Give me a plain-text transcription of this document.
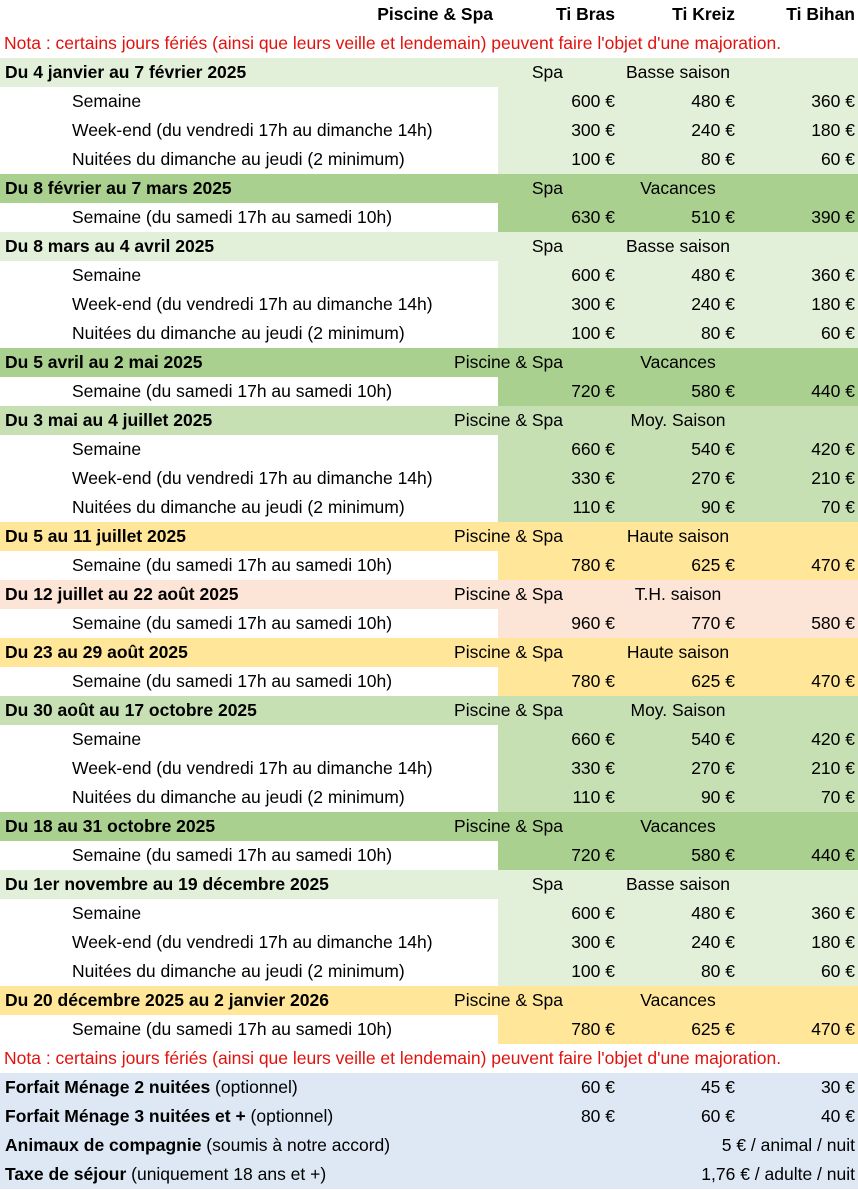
Piscine & Spa	Ti Bras	Ti Kreiz	Ti Bihan
Nota : certains jours fériés (ainsi que leurs veille et lendemain) peuvent faire l'objet d'une majoration.
Du 4 janvier au 7 février 2025	Spa	Basse saison
Semaine	600 €	480 €	360 €
Week-end (du vendredi 17h au dimanche 14h)	300 €	240 €	180 €
Nuitées du dimanche au jeudi (2 minimum)	100 €	80 €	60 €
Du 8 février au 7 mars 2025	Spa	Vacances
Semaine (du samedi 17h au samedi 10h)	630 €	510 €	390 €
Du 8 mars au 4 avril 2025	Spa	Basse saison
Semaine	600 €	480 €	360 €
Week-end (du vendredi 17h au dimanche 14h)	300 €	240 €	180 €
Nuitées du dimanche au jeudi (2 minimum)	100 €	80 €	60 €
Du 5 avril au 2 mai 2025	Piscine & Spa	Vacances
Semaine (du samedi 17h au samedi 10h)	720 €	580 €	440 €
Du 3 mai au 4 juillet 2025	Piscine & Spa	Moy. Saison
Semaine	660 €	540 €	420 €
Week-end (du vendredi 17h au dimanche 14h)	330 €	270 €	210 €
Nuitées du dimanche au jeudi (2 minimum)	110 €	90 €	70 €
Du 5 au 11 juillet 2025	Piscine & Spa	Haute saison
Semaine (du samedi 17h au samedi 10h)	780 €	625 €	470 €
Du 12 juillet au 22 août 2025	Piscine & Spa	T.H. saison
Semaine (du samedi 17h au samedi 10h)	960 €	770 €	580 €
Du 23 au 29 août 2025	Piscine & Spa	Haute saison
Semaine (du samedi 17h au samedi 10h)	780 €	625 €	470 €
Du 30 août au 17 octobre 2025	Piscine & Spa	Moy. Saison
Semaine	660 €	540 €	420 €
Week-end (du vendredi 17h au dimanche 14h)	330 €	270 €	210 €
Nuitées du dimanche au jeudi (2 minimum)	110 €	90 €	70 €
Du 18 au 31 octobre 2025	Piscine & Spa	Vacances
Semaine (du samedi 17h au samedi 10h)	720 €	580 €	440 €
Du 1er novembre au 19 décembre 2025	Spa	Basse saison
Semaine	600 €	480 €	360 €
Week-end (du vendredi 17h au dimanche 14h)	300 €	240 €	180 €
Nuitées du dimanche au jeudi (2 minimum)	100 €	80 €	60 €
Du 20 décembre 2025 au 2 janvier 2026	Piscine & Spa	Vacances
Semaine (du samedi 17h au samedi 10h)	780 €	625 €	470 €
Nota : certains jours fériés (ainsi que leurs veille et lendemain) peuvent faire l'objet d'une majoration.
Forfait Ménage 2 nuitées (optionnel)	60 €	45 €	30 €
Forfait Ménage 3 nuitées et + (optionnel)	80 €	60 €	40 €
Animaux de compagnie (soumis à notre accord)	5 € / animal / nuit
Taxe de séjour (uniquement 18 ans et +)	1,76 € / adulte / nuit
